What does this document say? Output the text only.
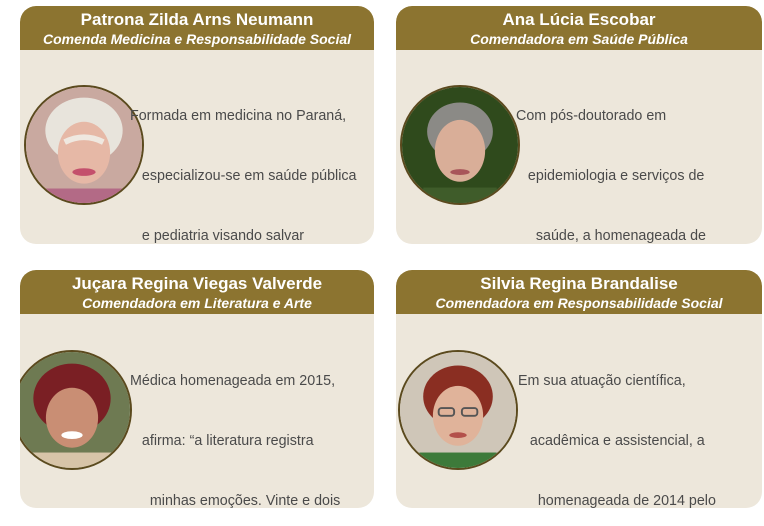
Patrona Zilda Arns Neumann
Comenda Medicina e Responsabilidade Social

Formada em medicina no Paraná,

especializou-se em saúde pública

e pediatria visando salvar

Ana Lúcia Escobar
Comendadora em Saúde Pública

Com pós-doutorado em

epidemiologia e serviços de

saúde, a homenageada de

Juçara Regina Viegas Valverde
Comendadora em Literatura e Arte

Médica homenageada em 2015,

afirma: “a literatura registra

minhas emoções. Vinte e dois

Silvia Regina Brandalise
Comendadora em Responsabilidade Social

Em sua atuação científica,

acadêmica e assistencial, a

homenageada de 2014 pelo
